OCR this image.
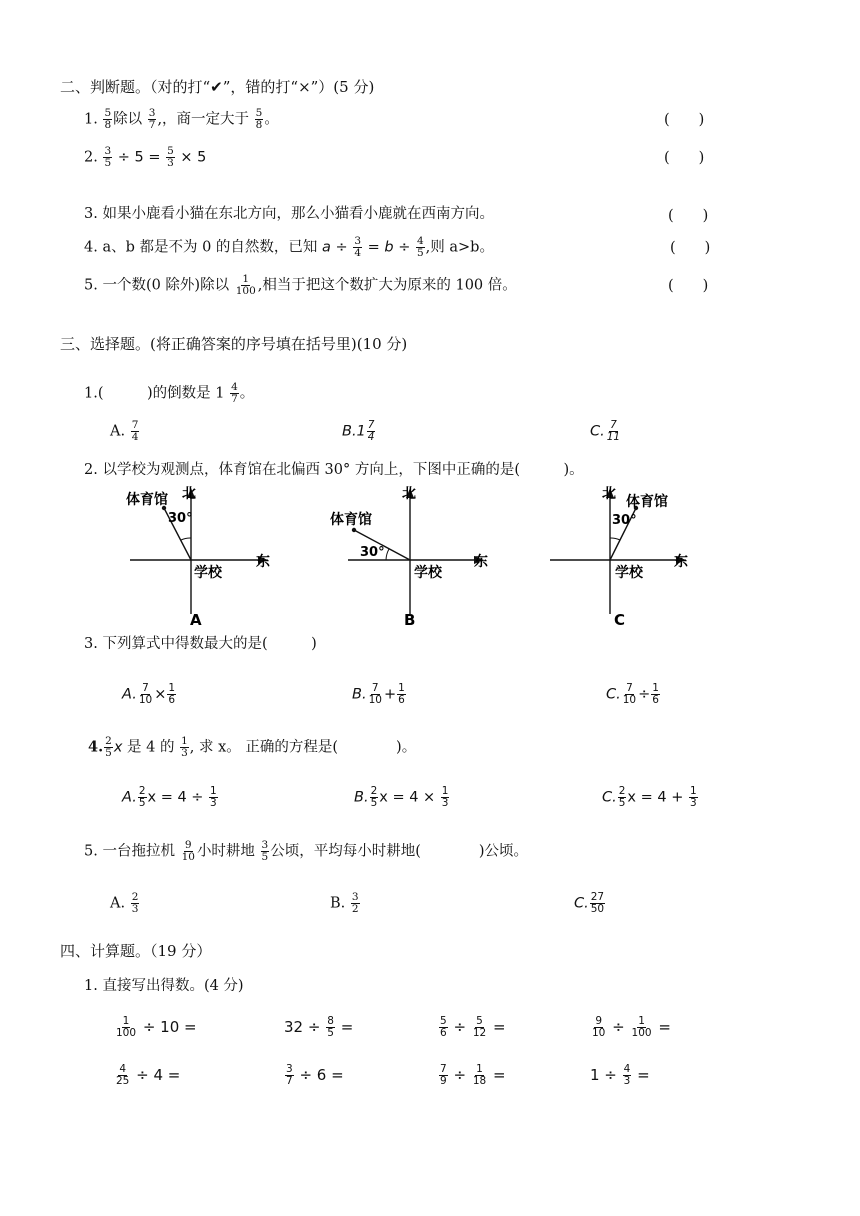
二、判断题。（对的打“✔”，错的打“×”）(5 分)
1. $\frac{5}{8}$ 除以 $\frac{3}{7}$ ,，商一定大于 $\frac{5}{8}$ 。	(　　)
2. $\frac{3}{5} \div 5 = \frac{5}{3} \times 5$	(　　)
3. 如果小鹿看小猫在东北方向，那么小猫看小鹿就在西南方向。	(　　)
4. a、b 都是不为 0 的自然数，已知 $a \div \frac{3}{4} = b \div \frac{4}{5}$ ,则 a>b。	(　　)
5. 一个数(0 除外)除以 $\frac{1}{100}$ ,相当于把这个数扩大为原来的 100 倍。	(　　)
三、选择题。(将正确答案的序号填在括号里)(10 分)
1.(　　　)的倒数是 $1 \frac{4}{7}$ 。
A. $\frac{7}{4}$	$B.1 \frac{7}{4}$	C. $\frac{7}{11}$
2. 以学校为观测点，体育馆在北偏西 30° 方向上，下图中正确的是(　　　)。
北
体育馆
30°
东
学校
A
北
体育馆
30°
东
学校
B
北 体育馆
30°
东
学校
C
3. 下列算式中得数最大的是(　　　)
A. $\frac{7}{10} \times \frac{1}{6}$	B. $\frac{7}{10} + \frac{1}{6}$	C. $\frac{7}{10} \div \frac{1}{6}$
4. $\frac{2}{5}$ x 是 4 的 $\frac{1}{3}$ , 求 x。 正确的方程是(　　　　)。
A. $\frac{2}{5}$ $x = 4 \div \frac{1}{3}$	B. $\frac{2}{5}$ $x = 4 \times \frac{1}{3}$	C. $\frac{2}{5}$ $x = 4 + \frac{1}{3}$
5. 一台拖拉机 $\frac{9}{10}$ 小时耕地 $\frac{3}{5}$ 公顷，平均每小时耕地(　　　　)公顷。
A. $\frac{2}{3}$	B. $\frac{3}{2}$	C. $\frac{27}{50}$
四、计算题。（19 分）
1. 直接写出得数。(4 分)
$\frac{1}{100} \div 10$ =	$32 \div \frac{8}{5}$ =	$\frac{5}{6} \div \frac{5}{12}$ =	$\frac{9}{10} \div \frac{1}{100}$ =
$\frac{4}{25} \div 4$ =	$\frac{3}{7} \div 6$ =	$\frac{7}{9} \div \frac{1}{18}$ =	$1 \div \frac{4}{3}$ =
